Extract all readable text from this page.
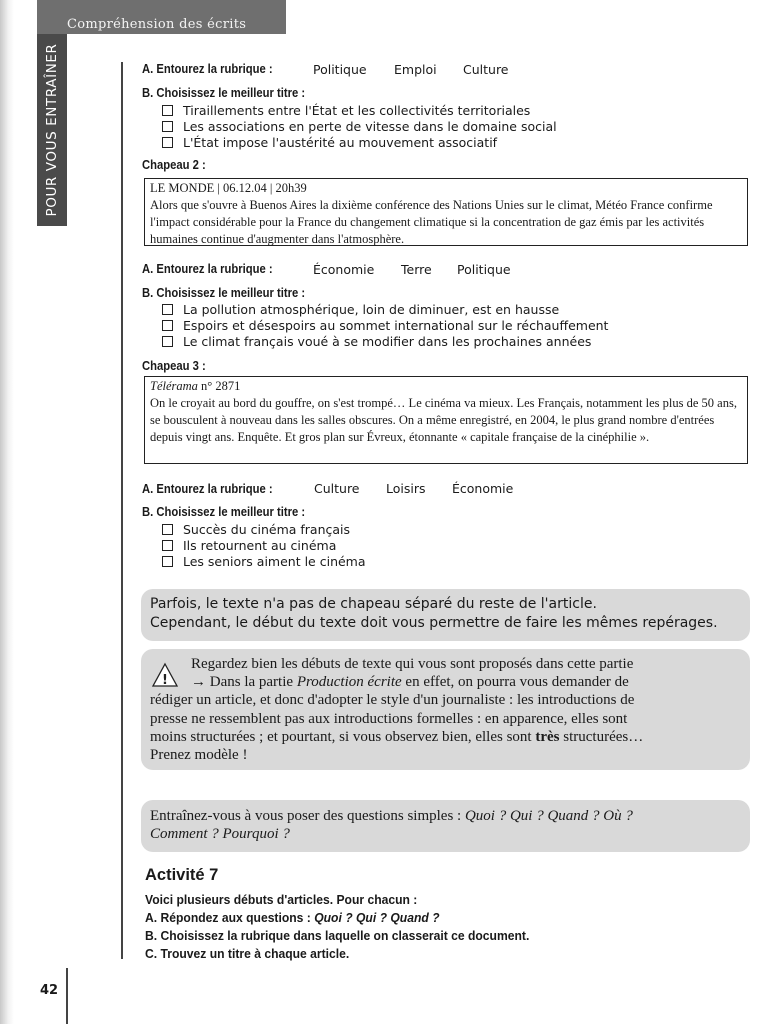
Compréhension des écrits
POUR VOUS ENTRAÎNER
42
A. Entourez la rubrique :	Politique Emploi Culture
B. Choisissez le meilleur titre :
Tiraillements entre l'État et les collectivités territoriales
Les associations en perte de vitesse dans le domaine social
L'État impose l'austérité au mouvement associatif
Chapeau 2 :

LE MONDE | 06.12.04 | 20h39

Alors que s'ouvre à Buenos Aires la dixième conférence des Nations Unies sur le climat, Météo France confirme l'impact considérable pour la France du changement climatique si la concentration de gaz émis par les activités humaines continue d'augmenter dans l'atmosphère.

A. Entourez la rubrique :	Économie Terre Politique
B. Choisissez le meilleur titre :
La pollution atmosphérique, loin de diminuer, est en hausse
Espoirs et désespoirs au sommet international sur le réchauffement
Le climat français voué à se modifier dans les prochaines années
Chapeau 3 :

Télérama n° 2871

On le croyait au bord du gouffre, on s'est trompé… Le cinéma va mieux. Les Français, notamment les plus de 50 ans, se bousculent à nouveau dans les salles obscures. On a même enregistré, en 2004, le plus grand nombre d'entrées depuis vingt ans. Enquête. Et gros plan sur Évreux, étonnante « capitale française de la cinéphilie ».

A. Entourez la rubrique :	Culture Loisirs Économie
B. Choisissez le meilleur titre :
Succès du cinéma français
Ils retournent au cinéma
Les seniors aiment le cinéma
Parfois, le texte n'a pas de chapeau séparé du reste de l'article.
Cependant, le début du texte doit vous permettre de faire les mêmes repérages.
!
Regardez bien les débuts de texte qui vous sont proposés dans cette partie
→ Dans la partie Production écrite en effet, on pourra vous demander de
rédiger un article, et donc d'adopter le style d'un journaliste : les introductions de
presse ne ressemblent pas aux introductions formelles : en apparence, elles sont
moins structurées ; et pourtant, si vous observez bien, elles sont très structurées…
Prenez modèle !
Entraînez-vous à vous poser des questions simples : Quoi ? Qui ? Quand ? Où ?
Comment ? Pourquoi ?
Activité 7
Voici plusieurs débuts d'articles. Pour chacun :
A. Répondez aux questions : Quoi ? Qui ? Quand ?
B. Choisissez la rubrique dans laquelle on classerait ce document.
C. Trouvez un titre à chaque article.
